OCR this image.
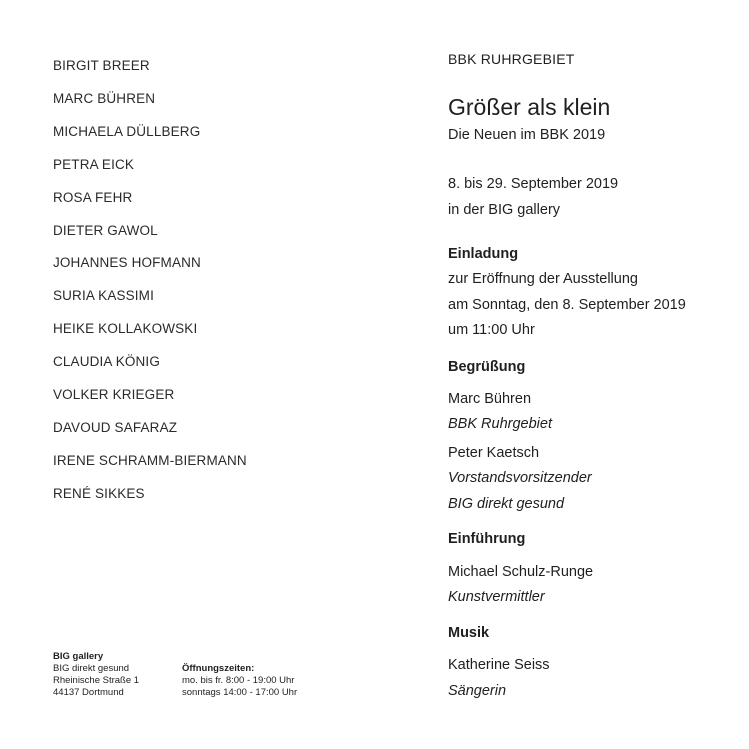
BIRGIT BREER
MARC BÜHREN
MICHAELA DÜLLBERG
PETRA EICK
ROSA FEHR
DIETER GAWOL
JOHANNES HOFMANN
SURIA KASSIMI
HEIKE KOLLAKOWSKI
CLAUDIA KÖNIG
VOLKER KRIEGER
DAVOUD SAFARAZ
IRENE SCHRAMM-BIERMANN
RENÉ SIKKES
BIG gallery
BIG direkt gesund
Rheinische Straße 1
44137 Dortmund
Öffnungszeiten:
mo. bis fr. 8:00 - 19:00 Uhr
sonntags 14:00 - 17:00 Uhr
BBK RUHRGEBIET
Größer als klein
Die Neuen im BBK 2019
8. bis 29. September 2019
in der BIG gallery
Einladung
zur Eröffnung der Ausstellung
am Sonntag, den 8. September 2019
um 11:00 Uhr
Begrüßung
Marc Bühren
BBK Ruhrgebiet
Peter Kaetsch
Vorstandsvorsitzender
BIG direkt gesund
Einführung
Michael Schulz-Runge
Kunstvermittler
Musik
Katherine Seiss
Sängerin
